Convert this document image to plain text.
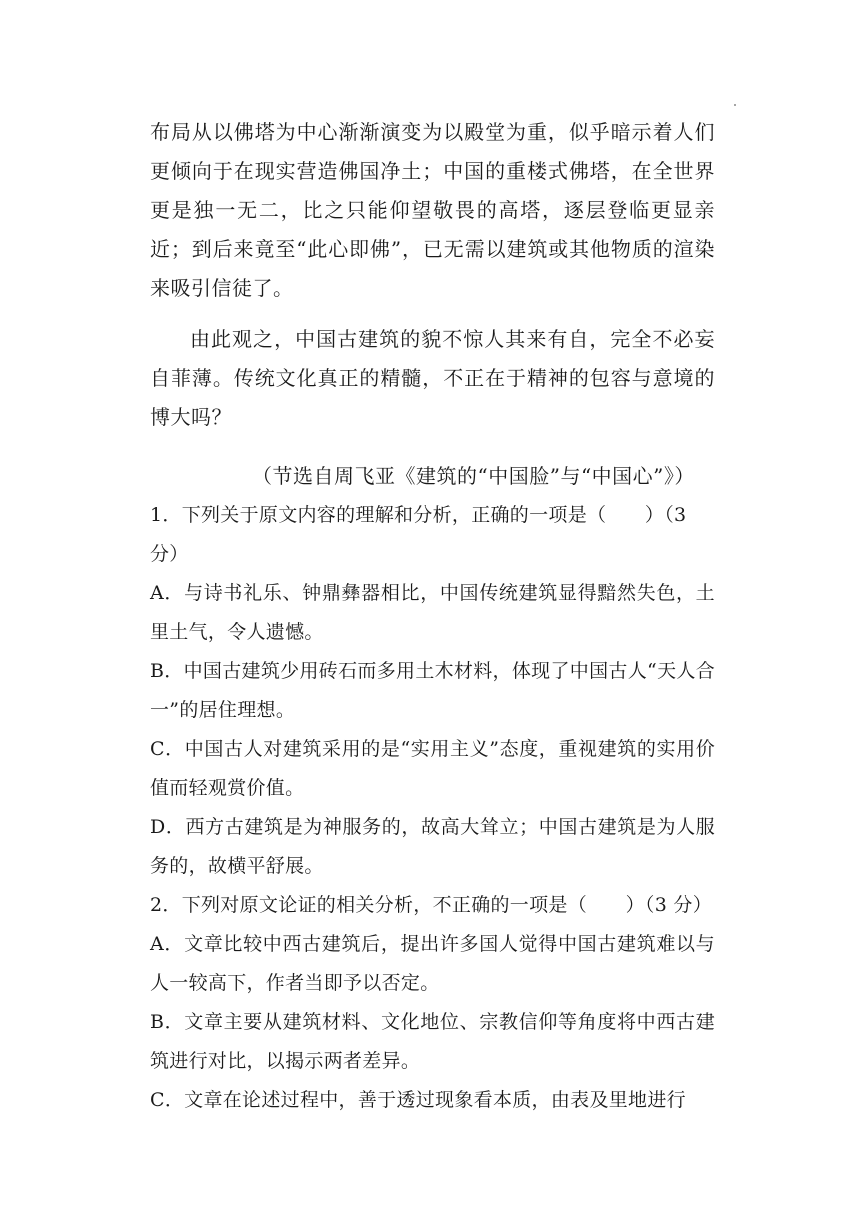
布局从以佛塔为中心渐渐演变为以殿堂为重，似乎暗示着人们更倾向于在现实营造佛国净土；中国的重楼式佛塔，在全世界更是独一无二，比之只能仰望敬畏的高塔，逐层登临更显亲近；到后来竟至“此心即佛”，已无需以建筑或其他物质的渲染来吸引信徒了。

由此观之，中国古建筑的貌不惊人其来有自，完全不必妄自菲薄。传统文化真正的精髓，不正在于精神的包容与意境的博大吗？

（节选自周飞亚《建筑的“中国脸”与“中国心”》）

1．下列关于原文内容的理解和分析，正确的一项是（　　）（3 分）

A．与诗书礼乐、钟鼎彝器相比，中国传统建筑显得黯然失色，土里土气，令人遗憾。

B．中国古建筑少用砖石而多用土木材料，体现了中国古人“天人合一”的居住理想。

C．中国古人对建筑采用的是“实用主义”态度，重视建筑的实用价值而轻观赏价值。

D．西方古建筑是为神服务的，故高大耸立；中国古建筑是为人服务的，故横平舒展。

2．下列对原文论证的相关分析，不正确的一项是（　　）（3 分）

A．文章比较中西古建筑后，提出许多国人觉得中国古建筑难以与人一较高下，作者当即予以否定。

B．文章主要从建筑材料、文化地位、宗教信仰等角度将中西古建筑进行对比，以揭示两者差异。

C．文章在论述过程中，善于透过现象看本质，由表及里地进行
